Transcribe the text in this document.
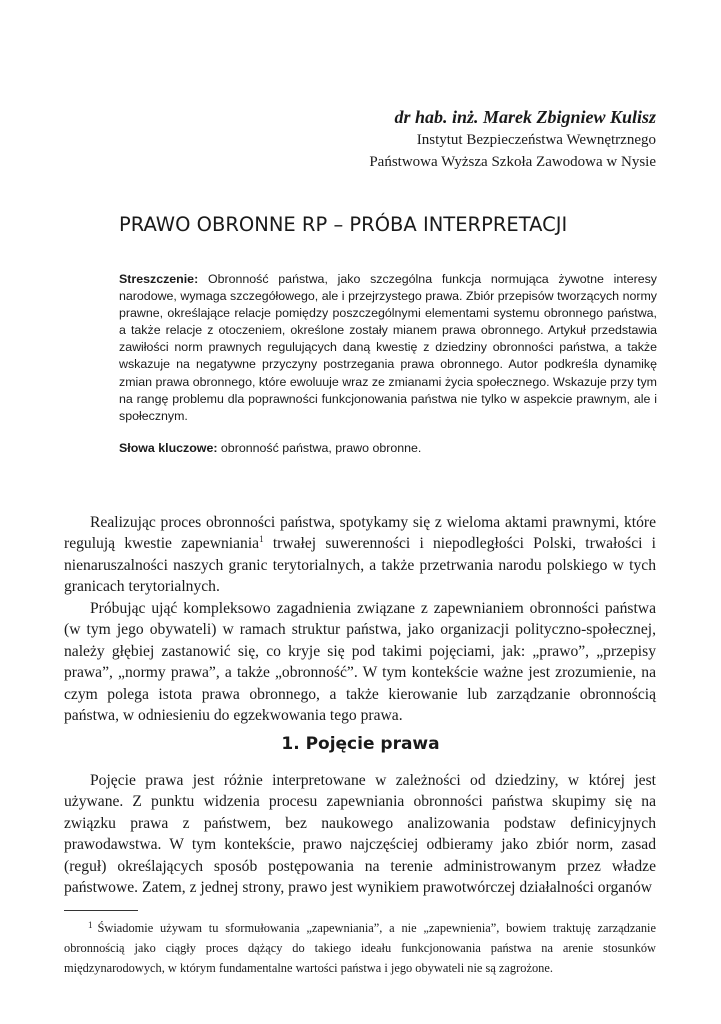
dr hab. inż. Marek Zbigniew Kulisz

Instytut Bezpieczeństwa Wewnętrznego

Państwowa Wyższa Szkoła Zawodowa w Nysie

PRAWO OBRONNE RP – PRÓBA INTERPRETACJI

Streszczenie: Obronność państwa, jako szczególna funkcja normująca żywotne interesy narodowe, wymaga szczegółowego, ale i przejrzystego prawa. Zbiór przepisów tworzących normy prawne, określające relacje pomiędzy poszczególnymi elementami systemu obronnego państwa, a także relacje z otoczeniem, określone zostały mianem prawa obronnego. Artykuł przedstawia zawiłości norm prawnych regulujących daną kwestię z dziedziny obronności państwa, a także wskazuje na negatywne przyczyny postrzegania prawa obronnego. Autor podkreśla dynamikę zmian prawa obronnego, które ewoluuje wraz ze zmianami życia społecznego. Wskazuje przy tym na rangę problemu dla poprawności funkcjonowania państwa nie tylko w aspekcie prawnym, ale i społecznym.

Słowa kluczowe: obronność państwa, prawo obronne.

Realizując proces obronności państwa, spotykamy się z wieloma aktami prawnymi, które regulują kwestie zapewniania$^1$ trwałej suwerenności i niepodległości Polski, trwałości i nienaruszalności naszych granic terytorialnych, a także przetrwania narodu polskiego w tych granicach terytorialnych.

Próbując ująć kompleksowo zagadnienia związane z zapewnianiem obronności państwa (w tym jego obywateli) w ramach struktur państwa, jako organizacji polityczno-społecznej, należy głębiej zastanowić się, co kryje się pod takimi pojęciami, jak: „prawo”, „przepisy prawa”, „normy prawa”, a także „obronność”. W tym kontekście ważne jest zrozumienie, na czym polega istota prawa obronnego, a także kierowanie lub zarządzanie obronnością państwa, w odniesieniu do egzekwowania tego prawa.

1. Pojęcie prawa

Pojęcie prawa jest różnie interpretowane w zależności od dziedziny, w której jest używane. Z punktu widzenia procesu zapewniania obronności państwa skupimy się na związku prawa z państwem, bez naukowego analizowania podstaw definicyjnych prawodawstwa. W tym kontekście, prawo najczęściej odbieramy jako zbiór norm, zasad (reguł) określających sposób postępowania na terenie administrowanym przez władze państwowe. Zatem, z jednej strony, prawo jest wynikiem prawotwórczej działalności organów

$^1$ Świadomie używam tu sformułowania „zapewniania”, a nie „zapewnienia”, bowiem traktuję zarządzanie obronnością jako ciągły proces dążący do takiego ideału funkcjonowania państwa na arenie stosunków międzynarodowych, w którym fundamentalne wartości państwa i jego obywateli nie są zagrożone.
